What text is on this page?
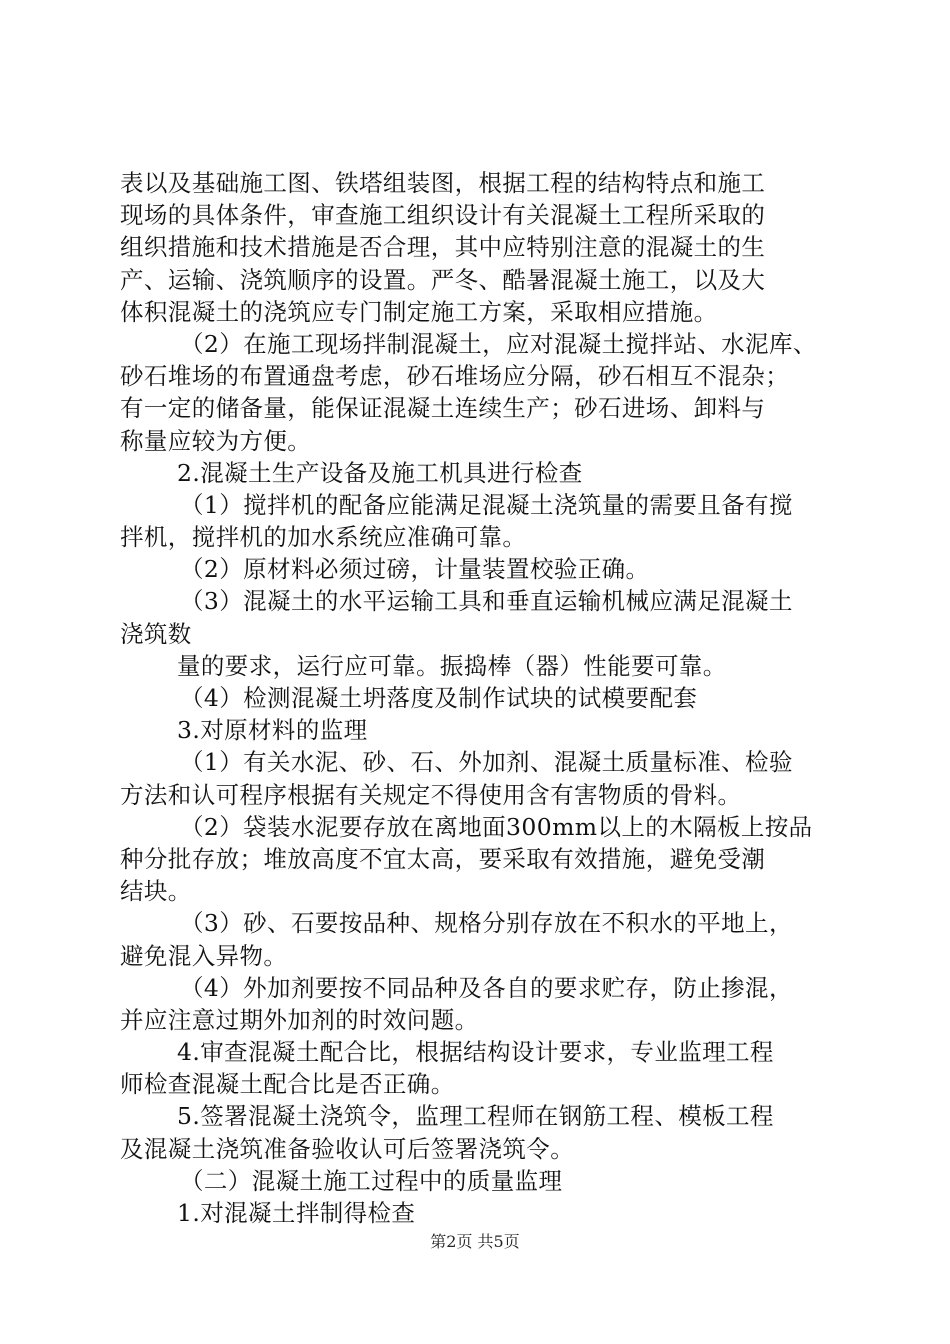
表以及基础施工图、铁塔组装图，根据工程的结构特点和施工
现场的具体条件，审查施工组织设计有关混凝土工程所采取的
组织措施和技术措施是否合理，其中应特别注意的混凝土的生
产、运输、浇筑顺序的设置。严冬、酷暑混凝土施工，以及大
体积混凝土的浇筑应专门制定施工方案，采取相应措施。
（2）在施工现场拌制混凝土，应对混凝土搅拌站、水泥库、
砂石堆场的布置通盘考虑，砂石堆场应分隔，砂石相互不混杂；
有一定的储备量，能保证混凝土连续生产；砂石进场、卸料与
称量应较为方便。
2.混凝土生产设备及施工机具进行检查
（1）搅拌机的配备应能满足混凝土浇筑量的需要且备有搅
拌机，搅拌机的加水系统应准确可靠。
（2）原材料必须过磅，计量装置校验正确。
（3）混凝土的水平运输工具和垂直运输机械应满足混凝土
浇筑数
量的要求，运行应可靠。振捣棒（器）性能要可靠。
（4）检测混凝土坍落度及制作试块的试模要配套
3.对原材料的监理
（1）有关水泥、砂、石、外加剂、混凝土质量标准、检验
方法和认可程序根据有关规定不得使用含有害物质的骨料。
（2）袋装水泥要存放在离地面300mm以上的木隔板上按品
种分批存放；堆放高度不宜太高，要采取有效措施，避免受潮
结块。
（3）砂、石要按品种、规格分别存放在不积水的平地上，
避免混入异物。
（4）外加剂要按不同品种及各自的要求贮存，防止掺混，
并应注意过期外加剂的时效问题。
4.审查混凝土配合比，根据结构设计要求，专业监理工程
师检查混凝土配合比是否正确。
5.签署混凝土浇筑令，监理工程师在钢筋工程、模板工程
及混凝土浇筑准备验收认可后签署浇筑令。
（二）混凝土施工过程中的质量监理
1.对混凝土拌制得检查
第2页 共5页
